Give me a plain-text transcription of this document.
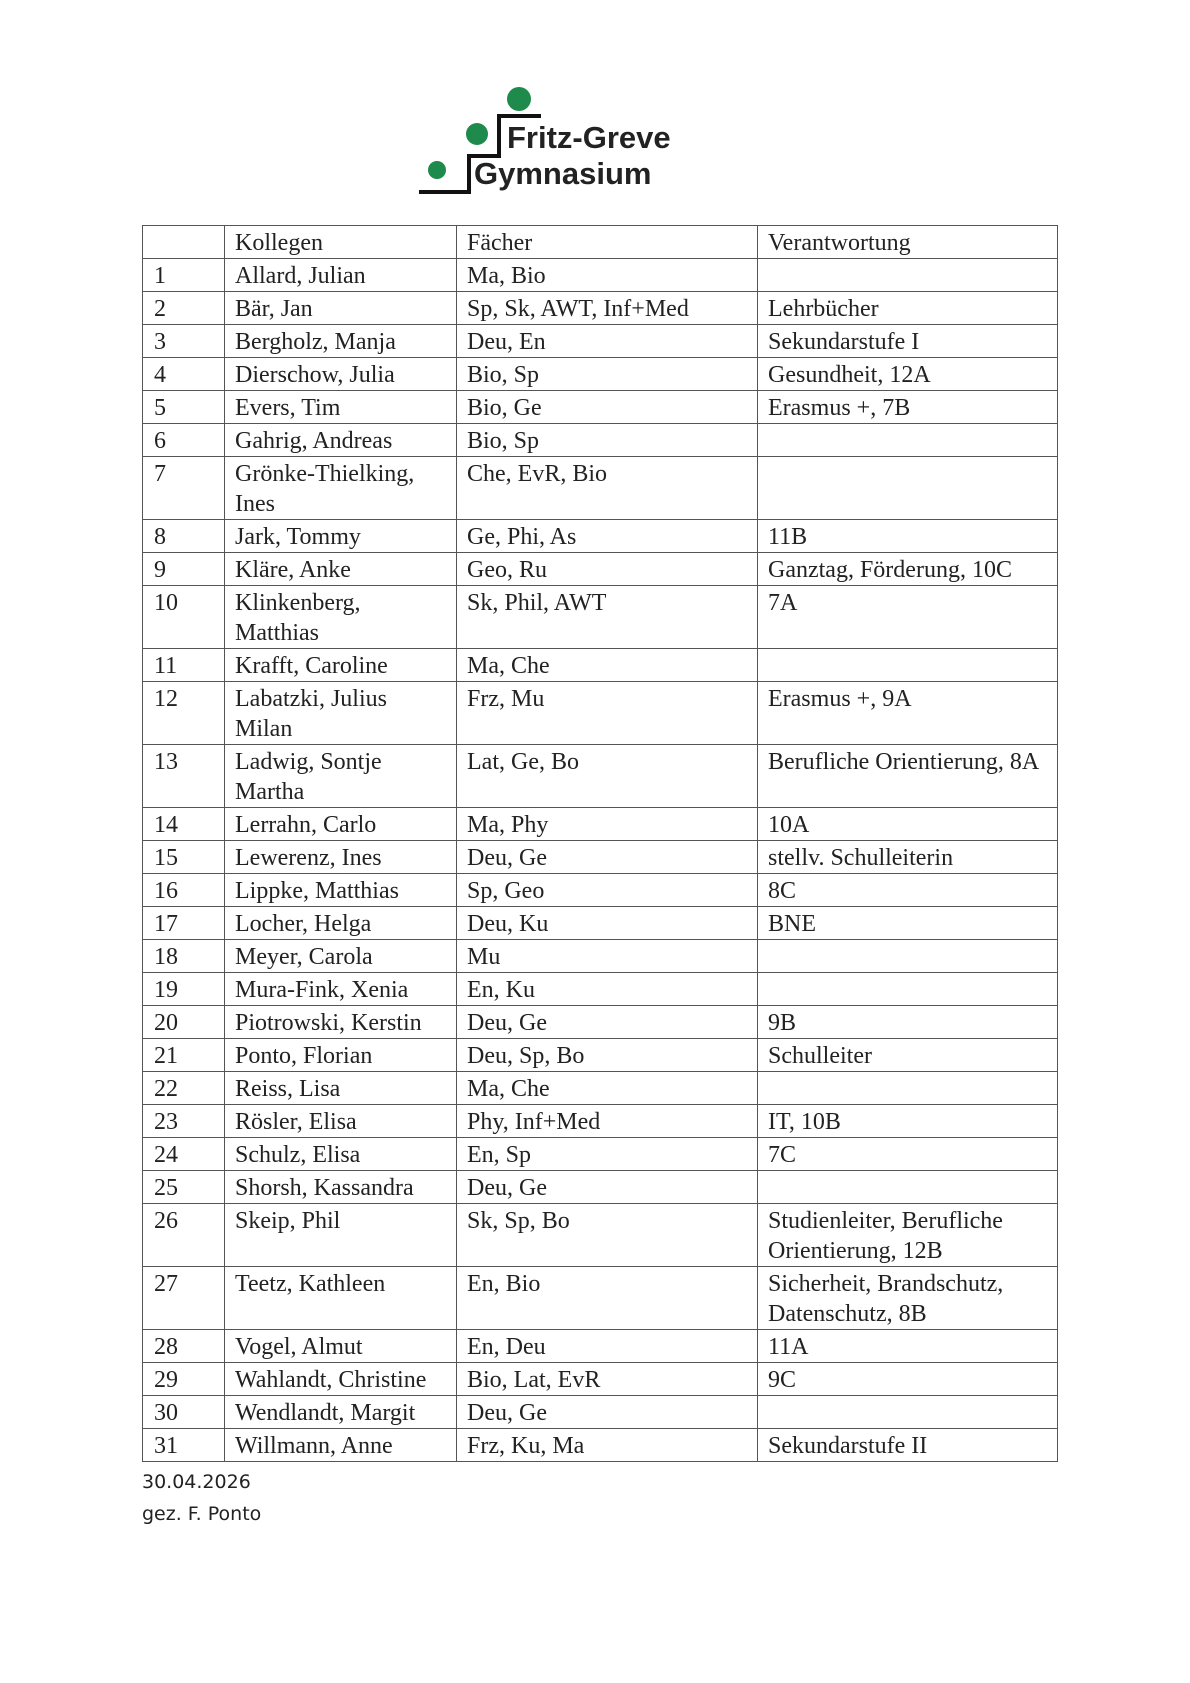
Fritz-Greve
Gymnasium
	Kollegen	Fächer	Verantwortung
1	Allard, Julian	Ma, Bio	
2	Bär, Jan	Sp, Sk, AWT, Inf+Med	Lehrbücher
3	Bergholz, Manja	Deu, En	Sekundarstufe I
4	Dierschow, Julia	Bio, Sp	Gesundheit, 12A
5	Evers, Tim	Bio, Ge	Erasmus +, 7B
6	Gahrig, Andreas	Bio, Sp	
7	Grönke-Thielking, Ines	Che, EvR, Bio	
8	Jark, Tommy	Ge, Phi, As	11B
9	Kläre, Anke	Geo, Ru	Ganztag, Förderung, 10C
10	Klinkenberg, Matthias	Sk, Phil, AWT	7A
11	Krafft, Caroline	Ma, Che	
12	Labatzki, Julius Milan	Frz, Mu	Erasmus +, 9A
13	Ladwig, Sontje Martha	Lat, Ge, Bo	Berufliche Orientierung, 8A
14	Lerrahn, Carlo	Ma, Phy	10A
15	Lewerenz, Ines	Deu, Ge	stellv. Schulleiterin
16	Lippke, Matthias	Sp, Geo	8C
17	Locher, Helga	Deu, Ku	BNE
18	Meyer, Carola	Mu	
19	Mura-Fink, Xenia	En, Ku	
20	Piotrowski, Kerstin	Deu, Ge	9B
21	Ponto, Florian	Deu, Sp, Bo	Schulleiter
22	Reiss, Lisa	Ma, Che	
23	Rösler, Elisa	Phy, Inf+Med	IT, 10B
24	Schulz, Elisa	En, Sp	7C
25	Shorsh, Kassandra	Deu, Ge	
26	Skeip, Phil	Sk, Sp, Bo	Studienleiter, Berufliche Orientierung, 12B
27	Teetz, Kathleen	En, Bio	Sicherheit, Brandschutz, Datenschutz, 8B
28	Vogel, Almut	En, Deu	11A
29	Wahlandt, Christine	Bio, Lat, EvR	9C
30	Wendlandt, Margit	Deu, Ge	
31	Willmann, Anne	Frz, Ku, Ma	Sekundarstufe II
30.04.2026
gez. F. Ponto
